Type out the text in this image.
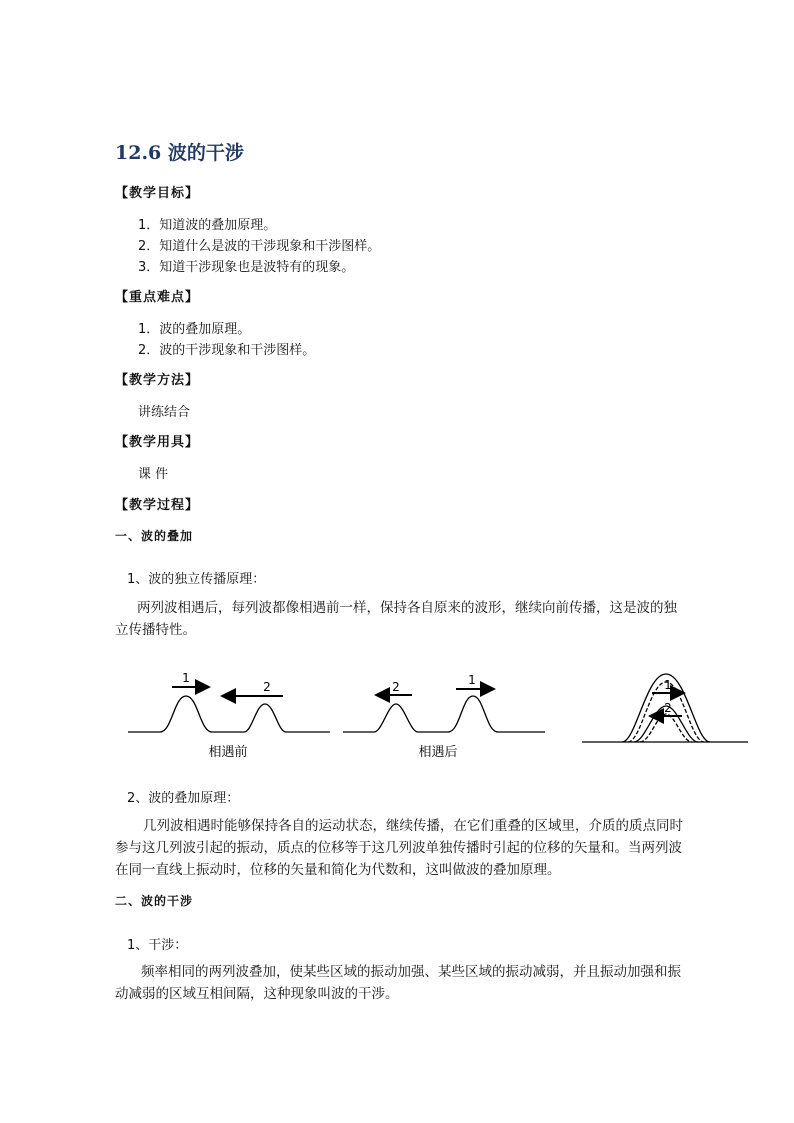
12.6 波的干涉
【教学目标】
1．知道波的叠加原理。
2．知道什么是波的干涉现象和干涉图样。
3．知道干涉现象也是波特有的现象。
【重点难点】
1．波的叠加原理。
2．波的干涉现象和干涉图样。
【教学方法】
讲练结合
【教学用具】
课 件
【教学过程】
一、波的叠加
1、波的独立传播原理：
两列波相遇后，每列波都像相遇前一样，保持各自原来的波形，继续向前传播，这是波的独立传播特性。
1
2	2	1	1
2
相遇前	相遇后
2、波的叠加原理：
几列波相遇时能够保持各自的运动状态，继续传播，在它们重叠的区域里，介质的质点同时参与这几列波引起的振动，质点的位移等于这几列波单独传播时引起的位移的矢量和。当两列波在同一直线上振动时，位移的矢量和简化为代数和，这叫做波的叠加原理。
二、波的干涉
1、干涉：
频率相同的两列波叠加，使某些区域的振动加强、某些区域的振动减弱，并且振动加强和振动减弱的区域互相间隔，这种现象叫波的干涉。
